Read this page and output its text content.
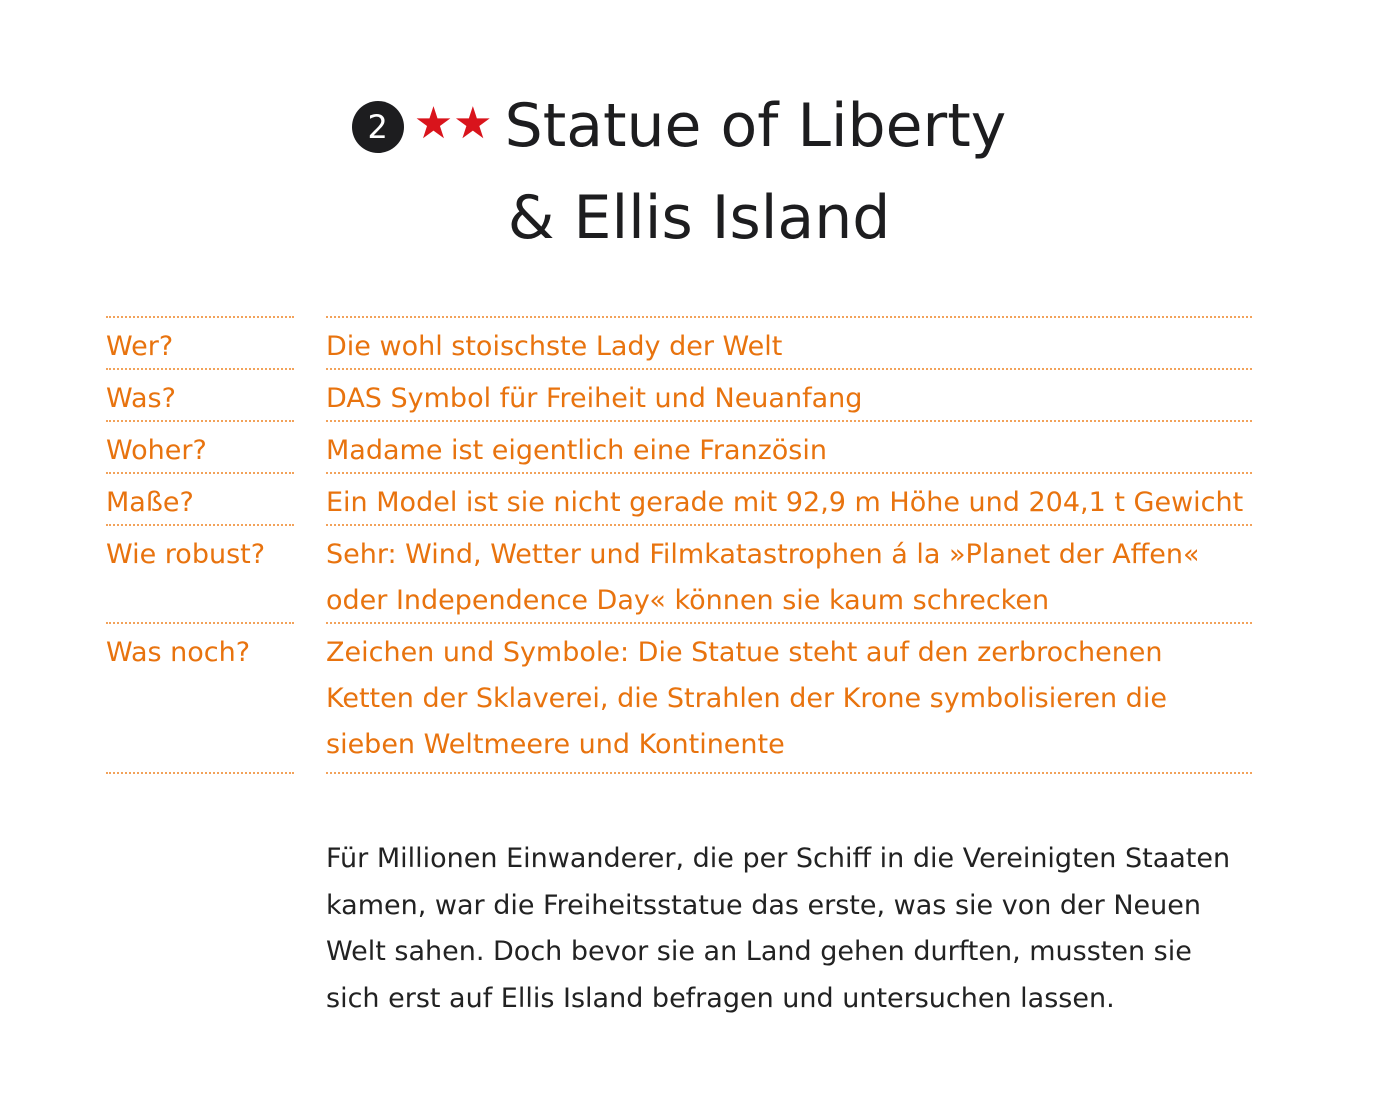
2 ★★ Statue of Liberty
& Ellis Island
Wer?	Die wohl stoischste Lady der Welt
Was?	DAS Symbol für Freiheit und Neuanfang
Woher?	Madame ist eigentlich eine Französin
Maße?	Ein Model ist sie nicht gerade mit 92,9 m Höhe und 204,1 t Gewicht
Wie robust?	Sehr: Wind, Wetter und Filmkatastrophen á la »Planet der Affen« oder Independence Day« können sie kaum schrecken
Was noch?	Zeichen und Symbole: Die Statue steht auf den zerbrochenen Ketten der Sklaverei, die Strahlen der Krone symbolisieren die sieben Weltmeere und Kontinente
Für Millionen Einwanderer, die per Schiff in die Vereinigten Staaten kamen, war die Freiheitsstatue das erste, was sie von der Neuen Welt sahen. Doch bevor sie an Land gehen durften, mussten sie sich erst auf Ellis Island befragen und untersuchen lassen.
